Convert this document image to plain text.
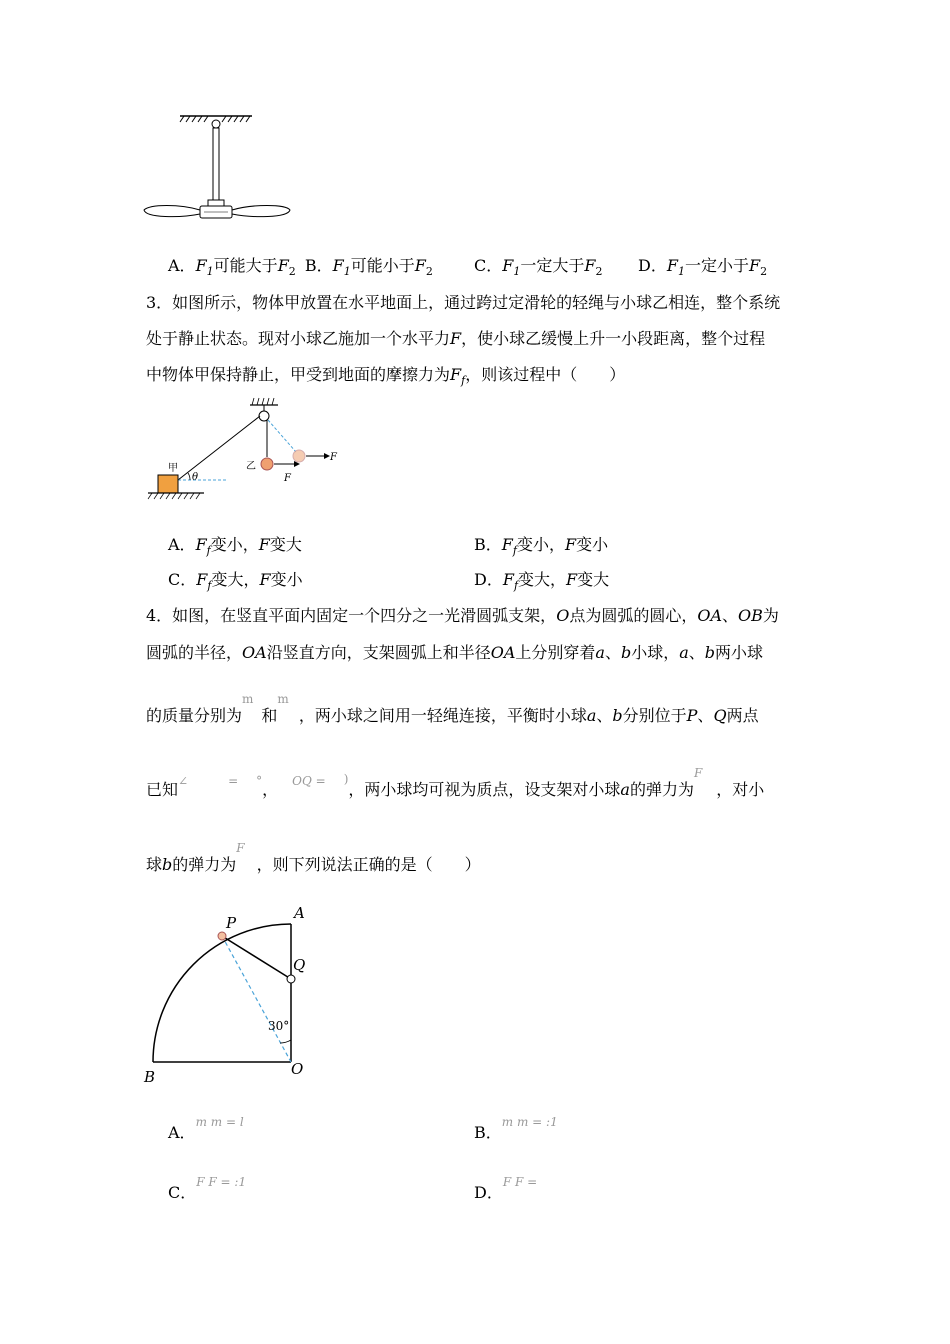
A．$F_1$可能大于$F_2$ B．$F_1$可能小于$F_2$	C．$F_1$一定大于$F_2$ D．$F_1$一定小于$F_2$
3．如图所示，物体甲放置在水平地面上，通过跨过定滑轮的轻绳与小球乙相连，整个系统
处于静止状态。现对小球乙施加一个水平力F，使小球乙缓慢上升一小段距离，整个过程
中物体甲保持静止，甲受到地面的摩擦力为$F_f$，则该过程中（　　）
甲
θ
乙
F
F
A．$F_f$变小，F变大	B．$F_f$变小，F变小
C．$F_f$变大，F变小	D．$F_f$变大，F变大
4．如图，在竖直平面内固定一个四分之一光滑圆弧支架，O点为圆弧的圆心，OA、OB为
圆弧的半径，OA沿竖直方向，支架圆弧上和半径OA上分别穿着a、b小球，a、b两小球
的质量分别为$^m$和$^m$，两小球之间用一轻绳连接，平衡时小球a、b分别位于P、Q两点
已知∠	= °， $^{OQ =}$ )，两小球均可视为质点，设支架对小球a的弹力为$^F$，对小
球b的弹力为$^F$，则下列说法正确的是（　　）
P
A
Q
30°
O
B
A．$^{m m = l}$
B．$^{m m = :1}$
C．$^{F F = :1}$
D．$^{F F =}$
